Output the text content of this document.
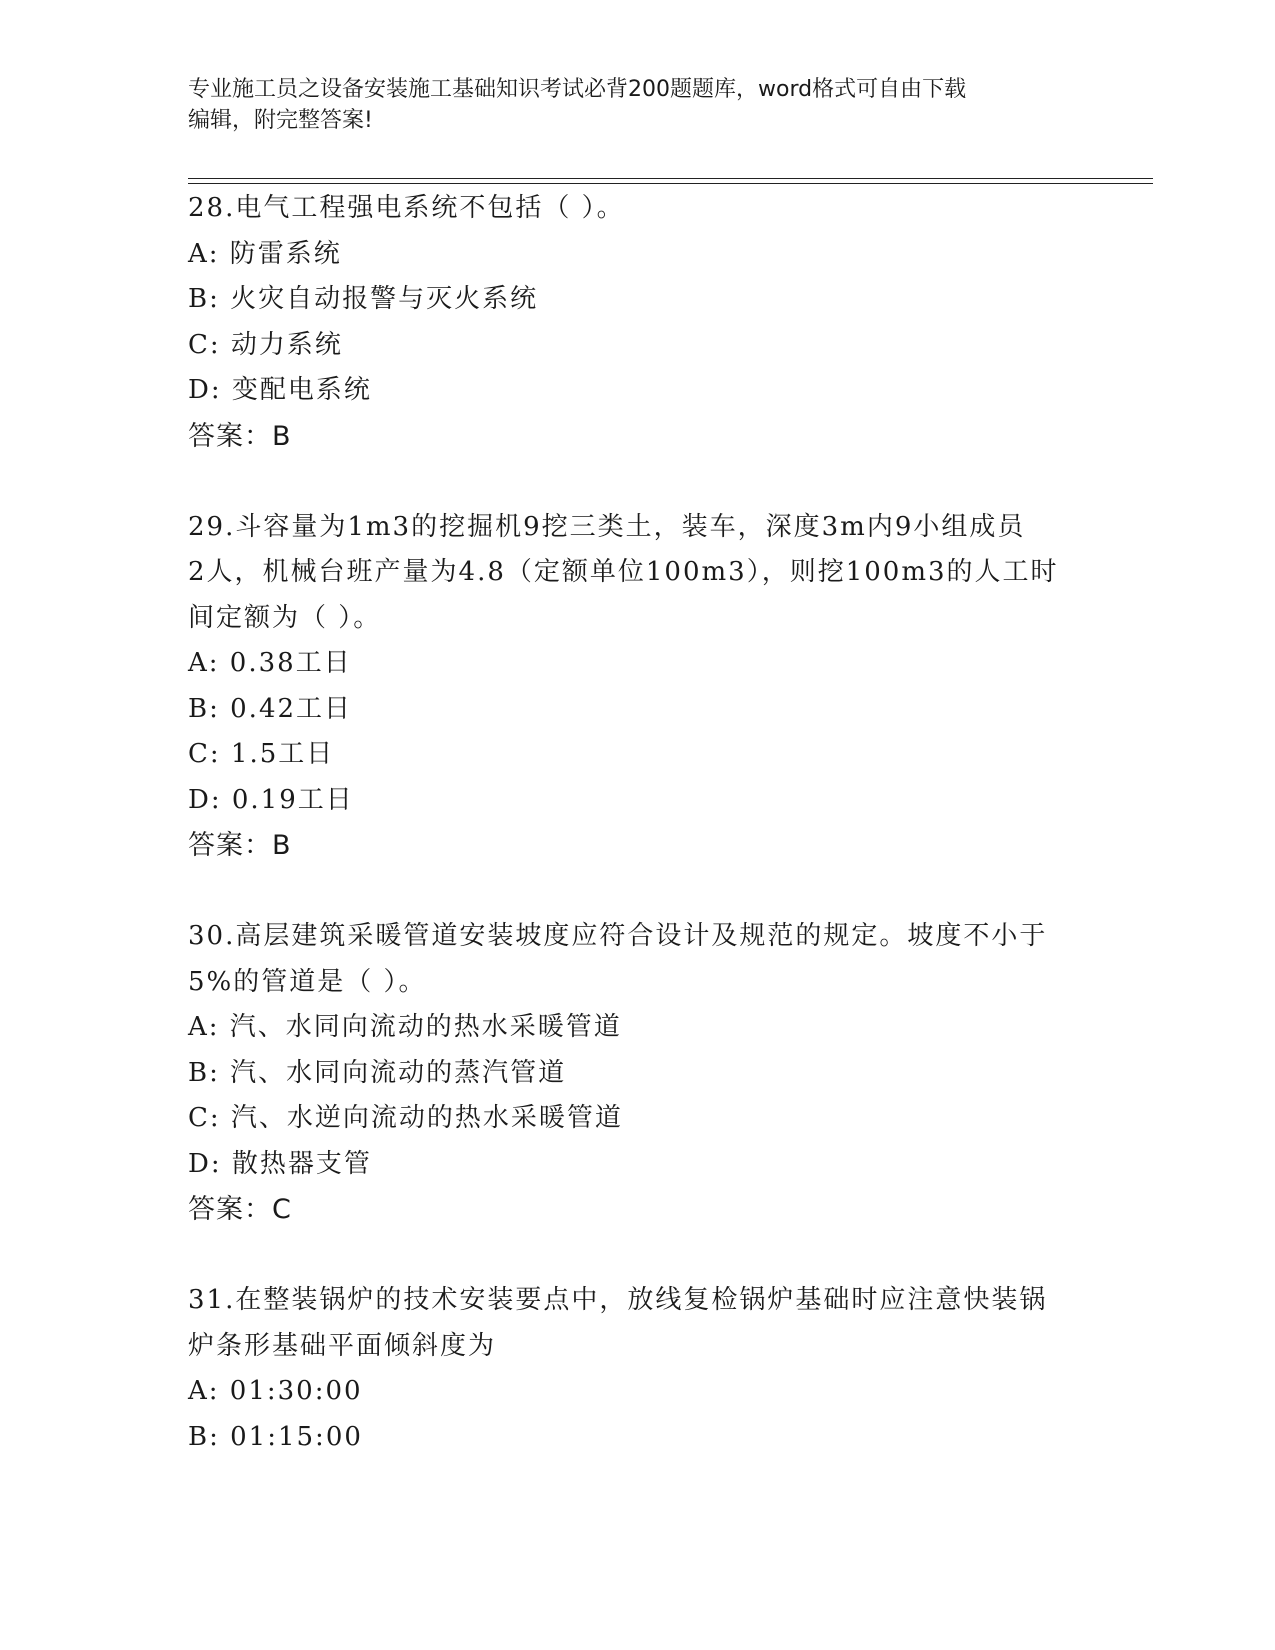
专业施工员之设备安装施工基础知识考试必背200题题库，word格式可自由下载
编辑，附完整答案!
28.电气工程强电系统不包括（ ）。
A: 防雷系统
B: 火灾自动报警与灭火系统
C: 动力系统
D: 变配电系统
答案：B
29.斗容量为1m3的挖掘机9挖三类土，装车，深度3m内9小组成员
2人，机械台班产量为4.8（定额单位100m3），则挖100m3的人工时
间定额为（ ）。
A: 0.38工日
B: 0.42工日
C: 1.5工日
D: 0.19工日
答案：B
30.高层建筑采暖管道安装坡度应符合设计及规范的规定。坡度不小于
5%的管道是（ ）。
A: 汽、水同向流动的热水采暖管道
B: 汽、水同向流动的蒸汽管道
C: 汽、水逆向流动的热水采暖管道
D: 散热器支管
答案：C
31.在整装锅炉的技术安装要点中，放线复检锅炉基础时应注意快装锅
炉条形基础平面倾斜度为
A: 01:30:00
B: 01:15:00
